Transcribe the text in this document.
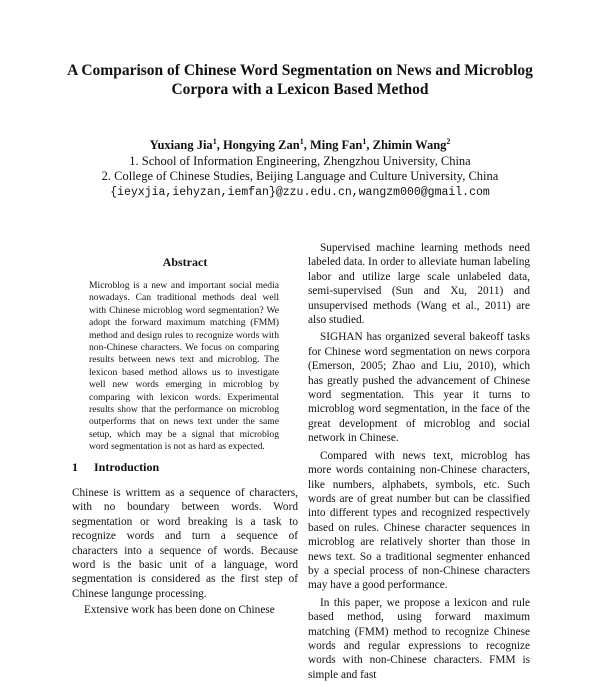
A Comparison of Chinese Word Segmentation on News and Microblog
Corpora with a Lexicon Based Method
Yuxiang Jia$^1$, Hongying Zan$^1$, Ming Fan$^1$, Zhimin Wang$^2$
1. School of Information Engineering, Zhengzhou University, China
2. College of Chinese Studies, Beijing Language and Culture University, China
{ieyxjia,iehyzan,iemfan}@zzu.edu.cn,wangzm000@gmail.com
Abstract

Microblog is a new and important social media nowadays. Can traditional methods deal well with Chinese microblog word segmentation? We adopt the forward maximum matching (FMM) method and design rules to recognize words with non-Chinese characters. We focus on comparing results between news text and microblog. The lexicon based method allows us to investigate well new words emerging in microblog by comparing with lexicon words. Experimental results show that the performance on microblog outperforms that on news text under the same setup, which may be a signal that microblog word segmentation is not as hard as expected.

1 Introduction

Chinese is writtem as a sequence of characters, with no boundary between words. Word segmentation or word breaking is a task to recognize words and turn a sequence of characters into a sequence of words. Because word is the basic unit of a language, word segmentation is considered as the first step of Chinese langunge processing.

Extensive work has been done on Chinese

Supervised machine learning methods need labeled data. In order to alleviate human labeling labor and utilize large scale unlabeled data, semi-supervised (Sun and Xu, 2011) and unsupervised methods (Wang et al., 2011) are also studied.

SIGHAN has organized several bakeoff tasks for Chinese word segmentation on news corpora (Emerson, 2005; Zhao and Liu, 2010), which has greatly pushed the advancement of Chinese word segmentation. This year it turns to microblog word segmentation, in the face of the great development of microblog and social network in Chinese.

Compared with news text, microblog has more words containing non-Chinese characters, like numbers, alphabets, symbols, etc. Such words are of great number but can be classified into different types and recognized respectively based on rules. Chinese character sequences in microblog are relatively shorter than those in news text. So a traditional segmenter enhanced by a special process of non-Chinese characters may have a good performance.

In this paper, we propose a lexicon and rule based method, using forward maximum matching (FMM) method to recognize Chinese words and regular expressions to recognize words with non-Chinese characters. FMM is simple and fast
